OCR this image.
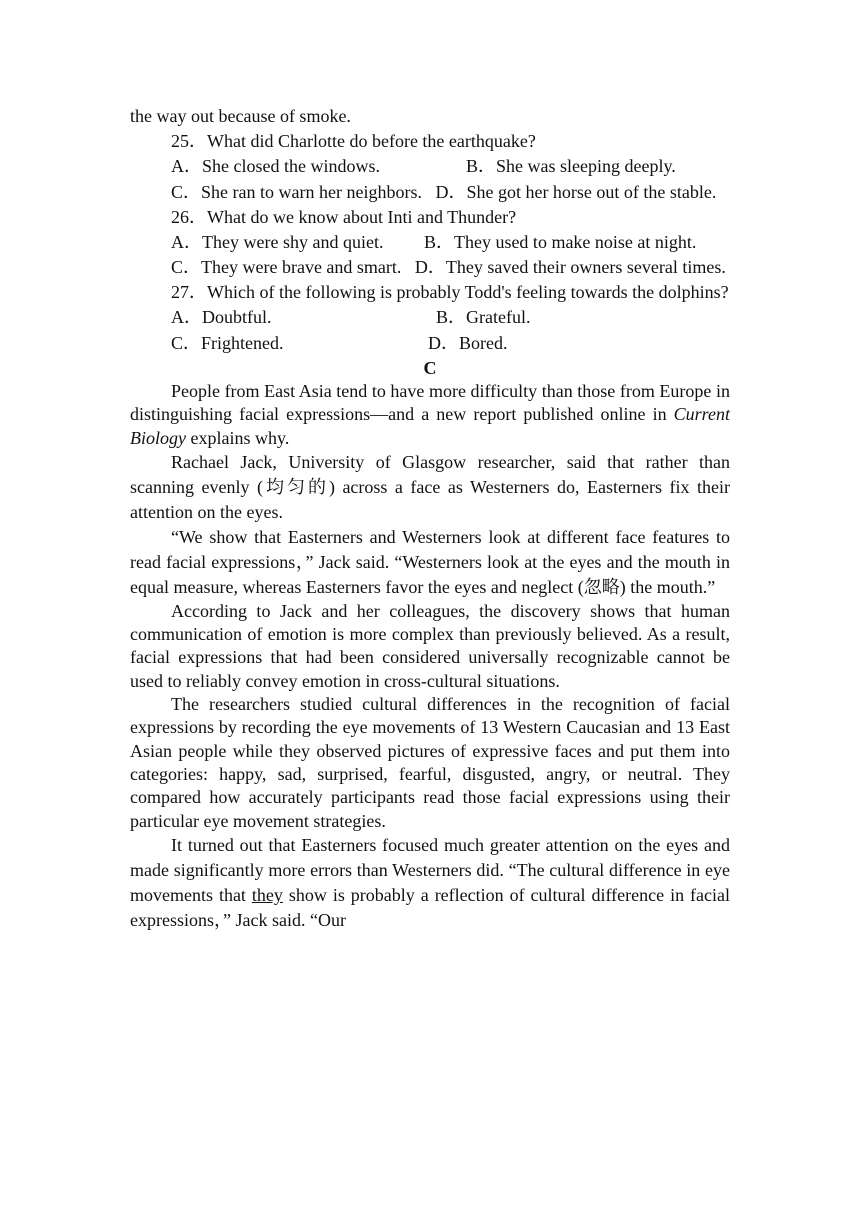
the way out because of smoke.

25．What did Charlotte do before the earthquake?

A．She closed the windows.	B．She was sleeping deeply.

C．She ran to warn her neighbors. D．She got her horse out of the stable.

26．What do we know about Inti and Thunder?

A．They were shy and quiet. B．They used to make noise at night.

C．They were brave and smart. D．They saved their owners several times.

27．Which of the following is probably Todd's feeling towards the dolphins?

A．Doubtful.	B．Grateful.
C．Frightened.	D．Bored.

C

People from East Asia tend to have more difficulty than those from Europe in distinguishing facial expressions—and a new report published online in Current Biology explains why.

Rachael Jack, University of Glasgow researcher, said that rather than scanning evenly (均匀的) across a face as Westerners do, Easterners fix their attention on the eyes.

“We show that Easterners and Westerners look at different face features to read facial expressions，” Jack said. “Westerners look at the eyes and the mouth in equal measure, whereas Easterners favor the eyes and neglect (忽略) the mouth.”

According to Jack and her colleagues, the discovery shows that human communication of emotion is more complex than previously believed. As a result, facial expressions that had been considered universally recognizable cannot be used to reliably convey emotion in cross-cultural situations.

The researchers studied cultural differences in the recognition of facial expressions by recording the eye movements of 13 Western Caucasian and 13 East Asian people while they observed pictures of expressive faces and put them into categories: happy, sad, surprised, fearful, disgusted, angry, or neutral. They compared how accurately participants read those facial expressions using their particular eye movement strategies.

It turned out that Easterners focused much greater attention on the eyes and made significantly more errors than Westerners did. “The cultural difference in eye movements that they show is probably a reflection of cultural difference in facial expressions，” Jack said. “Our
